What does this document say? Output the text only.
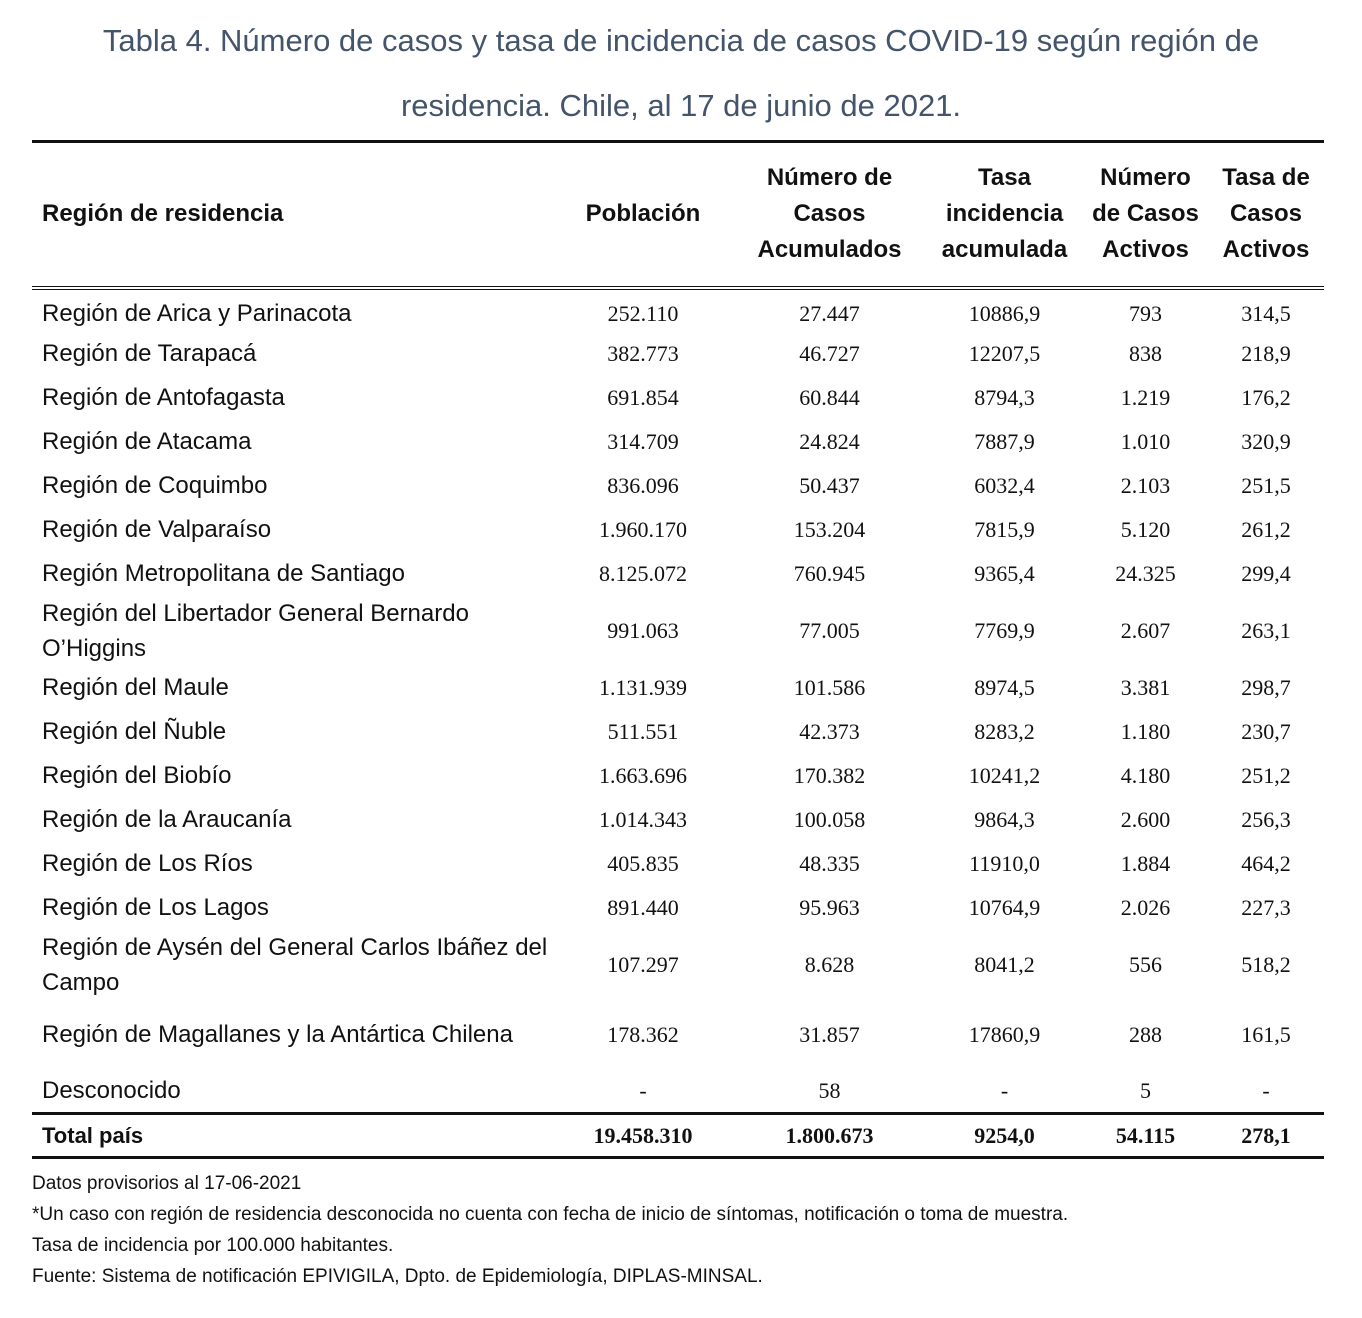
Tabla 4. Número de casos y tasa de incidencia de casos COVID-19 según región de
residencia. Chile, al 17 de junio de 2021.
Región de residencia	Población	Número de Casos Acumulados	Tasa incidencia acumulada	Número de Casos Activos	Tasa de Casos Activos
Región de Arica y Parinacota	252.110	27.447	10886,9	793	314,5
Región de Tarapacá	382.773	46.727	12207,5	838	218,9
Región de Antofagasta	691.854	60.844	8794,3	1.219	176,2
Región de Atacama	314.709	24.824	7887,9	1.010	320,9
Región de Coquimbo	836.096	50.437	6032,4	2.103	251,5
Región de Valparaíso	1.960.170	153.204	7815,9	5.120	261,2
Región Metropolitana de Santiago	8.125.072	760.945	9365,4	24.325	299,4
Región del Libertador General Bernardo O’Higgins	991.063	77.005	7769,9	2.607	263,1
Región del Maule	1.131.939	101.586	8974,5	3.381	298,7
Región del Ñuble	511.551	42.373	8283,2	1.180	230,7
Región del Biobío	1.663.696	170.382	10241,2	4.180	251,2
Región de la Araucanía	1.014.343	100.058	9864,3	2.600	256,3
Región de Los Ríos	405.835	48.335	11910,0	1.884	464,2
Región de Los Lagos	891.440	95.963	10764,9	2.026	227,3
Región de Aysén del General Carlos Ibáñez del Campo	107.297	8.628	8041,2	556	518,2
Región de Magallanes y la Antártica Chilena	178.362	31.857	17860,9	288	161,5
Desconocido	-	58	-	5	-
Total país	19.458.310	1.800.673	9254,0	54.115	278,1
Datos provisorios al 17-06-2021
*Un caso con región de residencia desconocida no cuenta con fecha de inicio de síntomas, notificación o toma de muestra.
Tasa de incidencia por 100.000 habitantes.
Fuente: Sistema de notificación EPIVIGILA, Dpto. de Epidemiología, DIPLAS-MINSAL.
